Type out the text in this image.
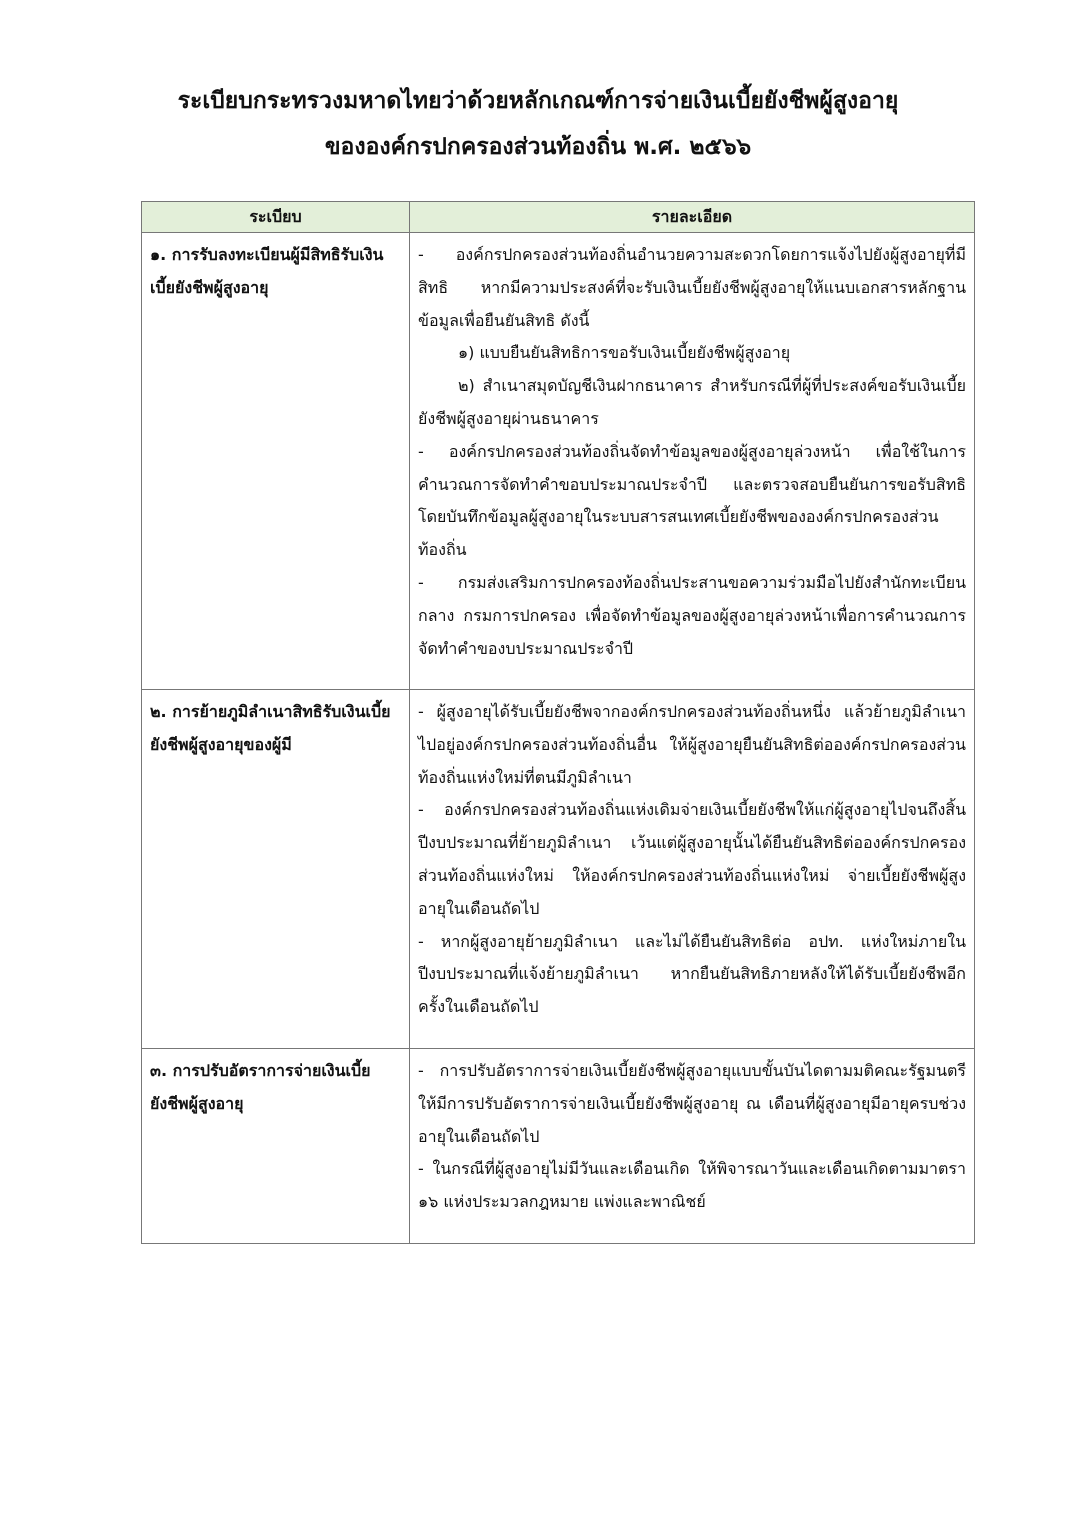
ระเบียบกระทรวงมหาดไทยว่าด้วยหลักเกณฑ์การจ่ายเงินเบี้ยยังชีพผู้สูงอายุ

ขององค์กรปกครองส่วนท้องถิ่น พ.ศ. ๒๕๖๖

ระเบียบ	รายละเอียด
๑. การรับลงทะเบียนผู้มีสิทธิรับเงินเบี้ยยังชีพผู้สูงอายุ	- องค์กรปกครองส่วนท้องถิ่นอำนวยความสะดวกโดยการแจ้งไปยังผู้สูงอายุที่มีสิทธิ หากมีความประสงค์ที่จะรับเงินเบี้ยยังชีพผู้สูงอายุให้แนบเอกสารหลักฐานข้อมูลเพื่อยืนยันสิทธิ ดังนี้

๑) แบบยืนยันสิทธิการขอรับเงินเบี้ยยังชีพผู้สูงอายุ

๒) สำเนาสมุดบัญชีเงินฝากธนาคาร สำหรับกรณีที่ผู้ที่ประสงค์ขอรับเงินเบี้ยยังชีพผู้สูงอายุผ่านธนาคาร

- องค์กรปกครองส่วนท้องถิ่นจัดทำข้อมูลของผู้สูงอายุล่วงหน้า เพื่อใช้ในการคำนวณการจัดทำคำขอบประมาณประจำปี และตรวจสอบยืนยันการขอรับสิทธิโดยบันทึกข้อมูลผู้สูงอายุในระบบสารสนเทศเบี้ยยังชีพขององค์กรปกครองส่วนท้องถิ่น

- กรมส่งเสริมการปกครองท้องถิ่นประสานขอความร่วมมือไปยังสำนักทะเบียนกลาง กรมการปกครอง เพื่อจัดทำข้อมูลของผู้สูงอายุล่วงหน้าเพื่อการคำนวณการจัดทำคำของบประมาณประจำปี

๒. การย้ายภูมิลำเนาสิทธิรับเงินเบี้ยยังชีพผู้สูงอายุของผู้มี	- ผู้สูงอายุได้รับเบี้ยยังชีพจากองค์กรปกครองส่วนท้องถิ่นหนึ่ง แล้วย้ายภูมิลำเนาไปอยู่องค์กรปกครองส่วนท้องถิ่นอื่น ให้ผู้สูงอายุยืนยันสิทธิต่อองค์กรปกครองส่วนท้องถิ่นแห่งใหม่ที่ตนมีภูมิลำเนา

- องค์กรปกครองส่วนท้องถิ่นแห่งเดิมจ่ายเงินเบี้ยยังชีพให้แก่ผู้สูงอายุไปจนถึงสิ้นปีงบประมาณที่ย้ายภูมิลำเนา เว้นแต่ผู้สูงอายุนั้นได้ยืนยันสิทธิต่อองค์กรปกครองส่วนท้องถิ่นแห่งใหม่ ให้องค์กรปกครองส่วนท้องถิ่นแห่งใหม่ จ่ายเบี้ยยังชีพผู้สูงอายุในเดือนถัดไป

- หากผู้สูงอายุย้ายภูมิลำเนา และไม่ได้ยืนยันสิทธิต่อ อปท. แห่งใหม่ภายในปีงบประมาณที่แจ้งย้ายภูมิลำเนา หากยืนยันสิทธิภายหลังให้ได้รับเบี้ยยังชีพอีกครั้งในเดือนถัดไป

๓. การปรับอัตราการจ่ายเงินเบี้ยยังชีพผู้สูงอายุ	- การปรับอัตราการจ่ายเงินเบี้ยยังชีพผู้สูงอายุแบบขั้นบันไดตามมติคณะรัฐมนตรี ให้มีการปรับอัตราการจ่ายเงินเบี้ยยังชีพผู้สูงอายุ ณ เดือนที่ผู้สูงอายุมีอายุครบช่วงอายุในเดือนถัดไป

- ในกรณีที่ผู้สูงอายุไม่มีวันและเดือนเกิด ให้พิจารณาวันและเดือนเกิดตามมาตรา ๑๖ แห่งประมวลกฎหมาย แพ่งและพาณิชย์
